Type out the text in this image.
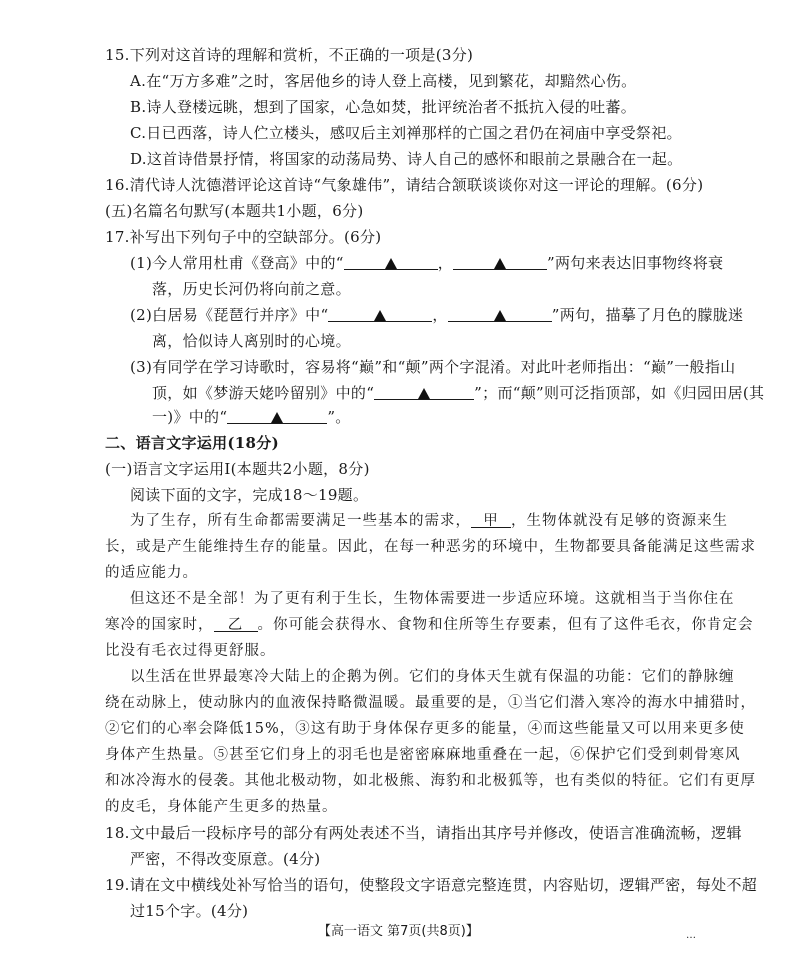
15.下列对这首诗的理解和赏析，不正确的一项是(3分)
A.在“万方多难”之时，客居他乡的诗人登上高楼，见到繁花，却黯然心伤。
B.诗人登楼远眺，想到了国家，心急如焚，批评统治者不抵抗入侵的吐蕃。
C.日已西落，诗人伫立楼头，感叹后主刘禅那样的亡国之君仍在祠庙中享受祭祀。
D.这首诗借景抒情，将国家的动荡局势、诗人自己的感怀和眼前之景融合在一起。
16.清代诗人沈德潜评论这首诗“气象雄伟”，请结合颔联谈谈你对这一评论的理解。(6分)
(五)名篇名句默写(本题共1小题，6分)
17.补写出下列句子中的空缺部分。(6分)
(1)今人常用杜甫《登高》中的“	，	”两句来表达旧事物终将衰
落，历史长河仍将向前之意。
(2)白居易《琵琶行并序》中“	，	”两句，描摹了月色的朦胧迷
离，恰似诗人离别时的心境。
(3)有同学在学习诗歌时，容易将“巅”和“颠”两个字混淆。对此叶老师指出：“巅”一般指山
顶，如《梦游天姥吟留别》中的“	”；而“颠”则可泛指顶部，如《归园田居(其
一)》中的“	”。
二、语言文字运用(18分)
(一)语言文字运用Ⅰ(本题共2小题，8分)
阅读下面的文字，完成18～19题。
为了生存，所有生命都需要满足一些基本的需求， 甲 ，生物体就没有足够的资源来生
长，或是产生能维持生存的能量。因此，在每一种恶劣的环境中，生物都要具备能满足这些需求
的适应能力。
但这还不是全部！为了更有利于生长，生物体需要进一步适应环境。这就相当于当你住在
寒冷的国家时， 乙 。你可能会获得水、食物和住所等生存要素，但有了这件毛衣，你肯定会
比没有毛衣过得更舒服。
以生活在世界最寒冷大陆上的企鹅为例。它们的身体天生就有保温的功能：它们的静脉缠
绕在动脉上，使动脉内的血液保持略微温暖。最重要的是，①当它们潜入寒冷的海水中捕猎时，
②它们的心率会降低15%，③这有助于身体保存更多的能量，④而这些能量又可以用来更多使
身体产生热量。⑤甚至它们身上的羽毛也是密密麻麻地重叠在一起，⑥保护它们受到刺骨寒风
和冰冷海水的侵袭。其他北极动物，如北极熊、海豹和北极狐等，也有类似的特征。它们有更厚
的皮毛，身体能产生更多的热量。
18.文中最后一段标序号的部分有两处表述不当，请指出其序号并修改，使语言准确流畅，逻辑
严密，不得改变原意。(4分)
19.请在文中横线处补写恰当的语句，使整段文字语意完整连贯，内容贴切，逻辑严密，每处不超
过15个字。(4分)
【高一语文 第7页(共8页)】	…
